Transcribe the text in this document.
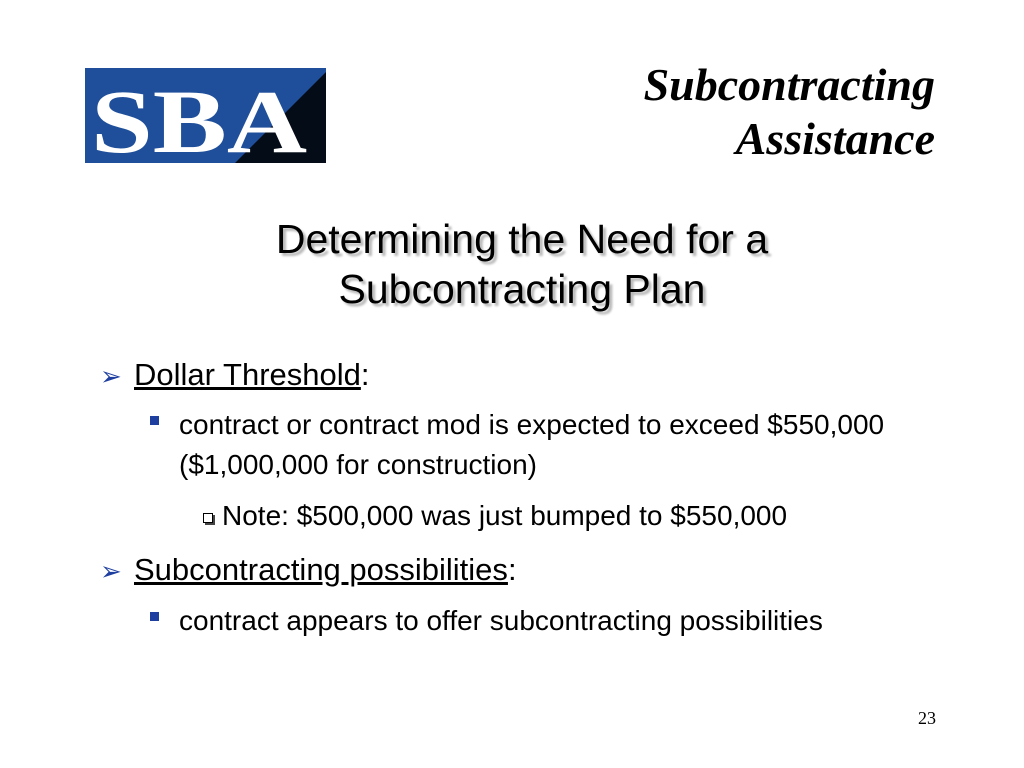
SBA	Subcontracting
Assistance
Determining the Need for a
Subcontracting Plan
➢ Dollar Threshold:
contract or contract mod is expected to exceed $550,000 ($1,000,000 for construction)
Note: $500,000 was just bumped to $550,000
➢ Subcontracting possibilities:
contract appears to offer subcontracting possibilities
23
